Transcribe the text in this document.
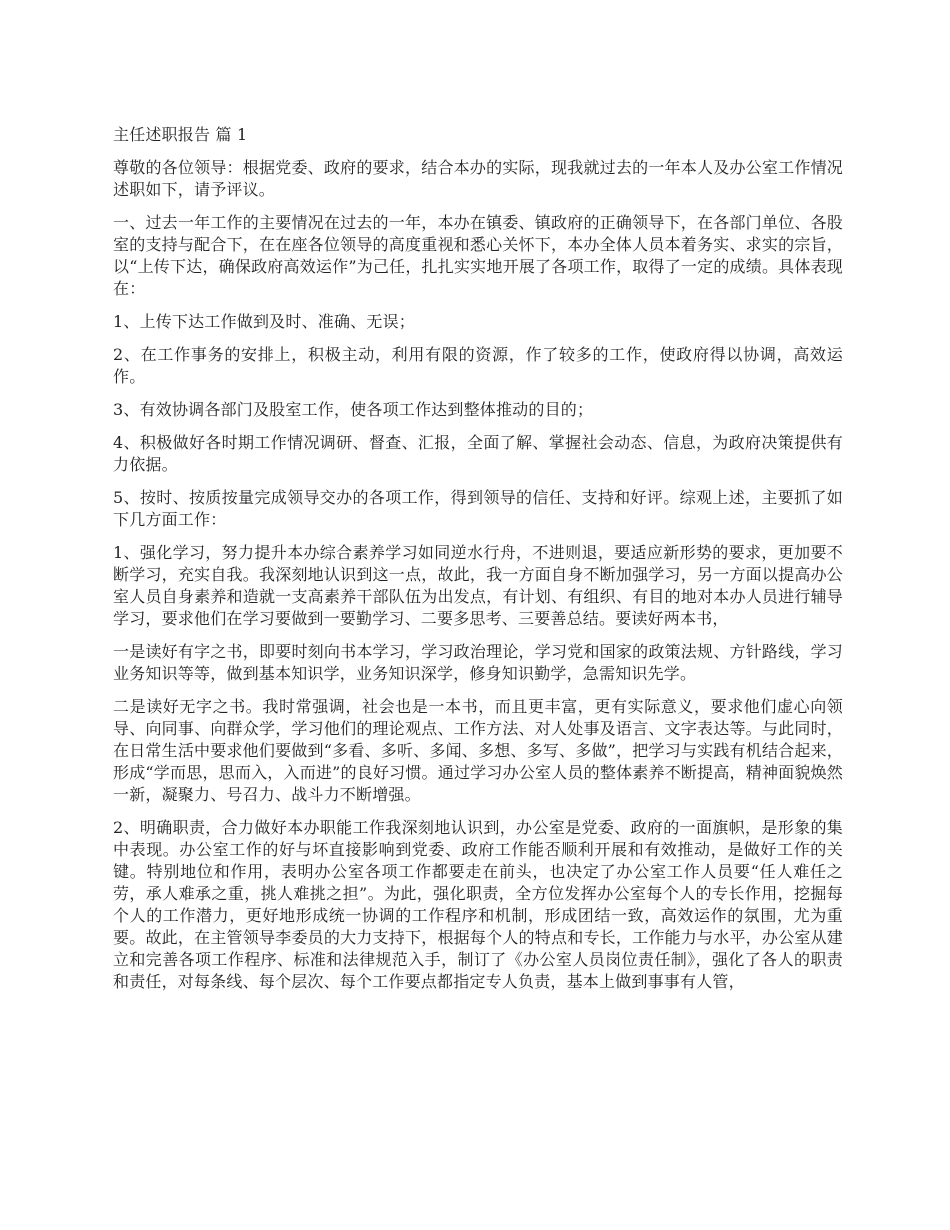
主任述职报告 篇 1

尊敬的各位领导：根据党委、政府的要求，结合本办的实际，现我就过去的一年本人及办公室工作情况述职如下，请予评议。

一、过去一年工作的主要情况在过去的一年，本办在镇委、镇政府的正确领导下，在各部门单位、各股室的支持与配合下，在在座各位领导的高度重视和悉心关怀下，本办全体人员本着务实、求实的宗旨，以“上传下达，确保政府高效运作”为己任，扎扎实实地开展了各项工作，取得了一定的成绩。具体表现在：

1、上传下达工作做到及时、准确、无误；

2、在工作事务的安排上，积极主动，利用有限的资源，作了较多的工作，使政府得以协调，高效运作。

3、有效协调各部门及股室工作，使各项工作达到整体推动的目的；

4、积极做好各时期工作情况调研、督查、汇报，全面了解、掌握社会动态、信息，为政府决策提供有力依据。

5、按时、按质按量完成领导交办的各项工作，得到领导的信任、支持和好评。综观上述，主要抓了如下几方面工作：

1、强化学习，努力提升本办综合素养学习如同逆水行舟，不进则退，要适应新形势的要求，更加要不断学习，充实自我。我深刻地认识到这一点，故此，我一方面自身不断加强学习，另一方面以提高办公室人员自身素养和造就一支高素养干部队伍为出发点，有计划、有组织、有目的地对本办人员进行辅导学习，要求他们在学习要做到一要勤学习、二要多思考、三要善总结。要读好两本书，

一是读好有字之书，即要时刻向书本学习，学习政治理论，学习党和国家的政策法规、方针路线，学习业务知识等等，做到基本知识学，业务知识深学，修身知识勤学，急需知识先学。

二是读好无字之书。我时常强调，社会也是一本书，而且更丰富，更有实际意义，要求他们虚心向领导、向同事、向群众学，学习他们的理论观点、工作方法、对人处事及语言、文字表达等。与此同时，在日常生活中要求他们要做到“多看、多听、多闻、多想、多写、多做”，把学习与实践有机结合起来，形成“学而思，思而入，入而进”的良好习惯。通过学习办公室人员的整体素养不断提高，精神面貌焕然一新，凝聚力、号召力、战斗力不断增强。

2、明确职责，合力做好本办职能工作我深刻地认识到，办公室是党委、政府的一面旗帜，是形象的集中表现。办公室工作的好与坏直接影响到党委、政府工作能否顺利开展和有效推动，是做好工作的关键。特别地位和作用，表明办公室各项工作都要走在前头，也决定了办公室工作人员要“任人难任之劳，承人难承之重，挑人难挑之担”。为此，强化职责，全方位发挥办公室每个人的专长作用，挖掘每个人的工作潜力，更好地形成统一协调的工作程序和机制，形成团结一致，高效运作的氛围，尤为重要。故此，在主管领导李委员的大力支持下，根据每个人的特点和专长，工作能力与水平，办公室从建立和完善各项工作程序、标准和法律规范入手，制订了《办公室人员岗位责任制》，强化了各人的职责和责任，对每条线、每个层次、每个工作要点都指定专人负责，基本上做到事事有人管，
